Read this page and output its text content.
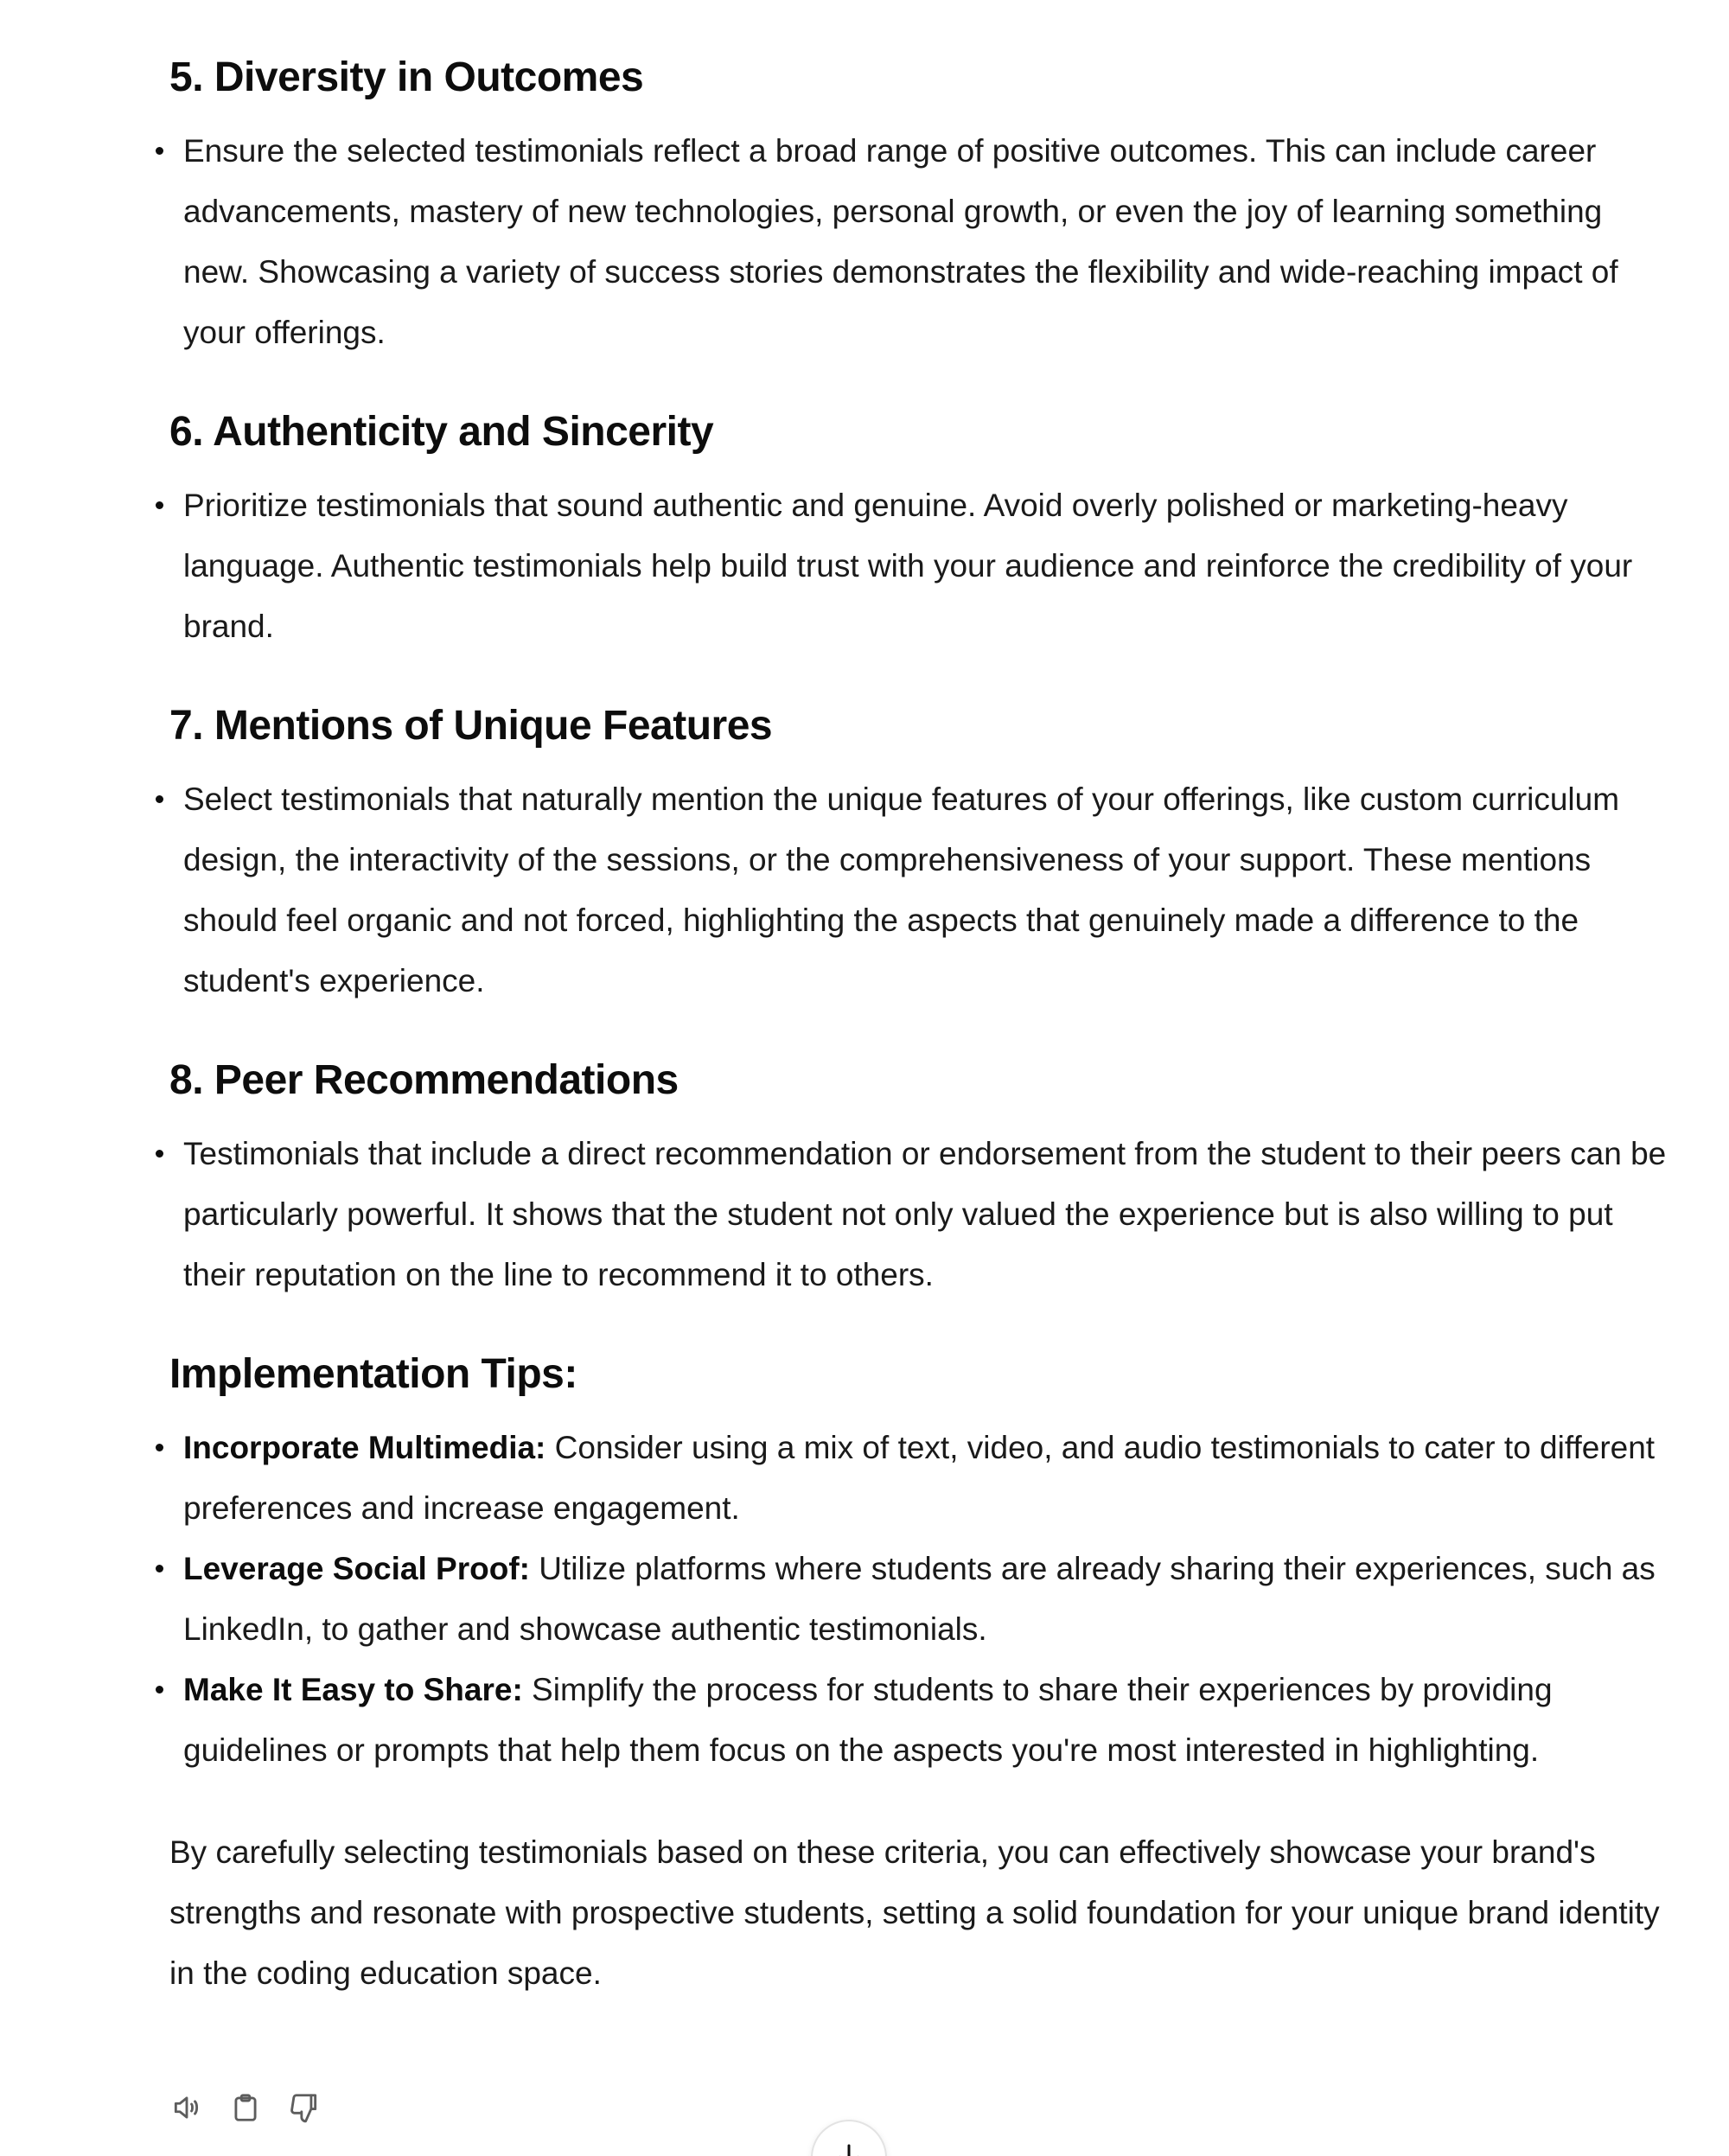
5. Diversity in Outcomes
Ensure the selected testimonials reflect a broad range of positive outcomes. This can include career advancements, mastery of new technologies, personal growth, or even the joy of learning something new. Showcasing a variety of success stories demonstrates the flexibility and wide-reaching impact of your offerings.
6. Authenticity and Sincerity
Prioritize testimonials that sound authentic and genuine. Avoid overly polished or marketing-heavy language. Authentic testimonials help build trust with your audience and reinforce the credibility of your brand.
7. Mentions of Unique Features
Select testimonials that naturally mention the unique features of your offerings, like custom curriculum design, the interactivity of the sessions, or the comprehensiveness of your support. These mentions should feel organic and not forced, highlighting the aspects that genuinely made a difference to the student's experience.
8. Peer Recommendations
Testimonials that include a direct recommendation or endorsement from the student to their peers can be particularly powerful. It shows that the student not only valued the experience but is also willing to put their reputation on the line to recommend it to others.
Implementation Tips:
Incorporate Multimedia: Consider using a mix of text, video, and audio testimonials to cater to different preferences and increase engagement.
Leverage Social Proof: Utilize platforms where students are already sharing their experiences, such as LinkedIn, to gather and showcase authentic testimonials.
Make It Easy to Share: Simplify the process for students to share their experiences by providing guidelines or prompts that help them focus on the aspects you're most interested in highlighting.

By carefully selecting testimonials based on these criteria, you can effectively showcase your brand's strengths and resonate with prospective students, setting a solid foundation for your unique brand identity in the coding education space.
